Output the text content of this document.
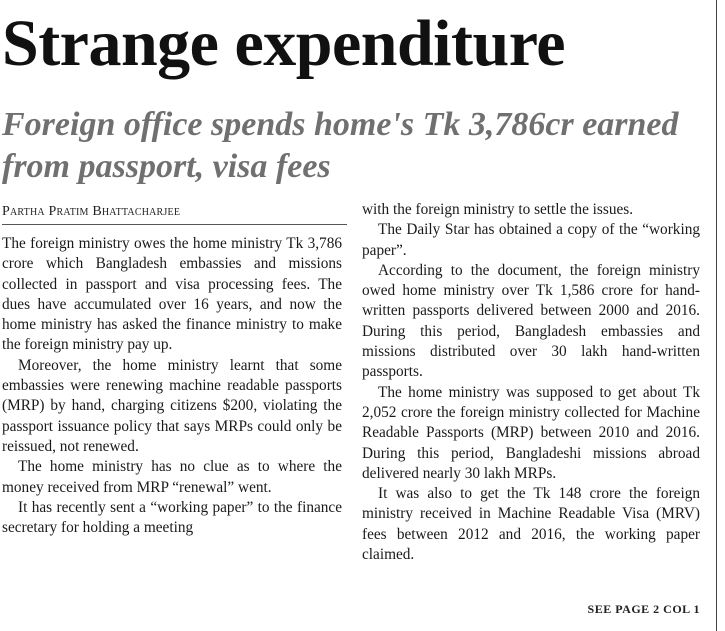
Strange expenditure
Foreign office spends home's Tk 3,786cr earned from passport, visa fees
Partha Pratim Bhattacharjee

The foreign ministry owes the home ministry Tk 3,786 crore which Bangladesh embassies and missions collected in passport and visa processing fees. The dues have accumulated over 16 years, and now the home ministry has asked the finance ministry to make the foreign ministry pay up.

Moreover, the home ministry learnt that some embassies were renewing machine readable passports (MRP) by hand, charging citizens $200, violating the passport issuance policy that says MRPs could only be reissued, not renewed.

The home ministry has no clue as to where the money received from MRP “renewal” went.

It has recently sent a “working paper” to the finance secretary for holding a meeting

with the foreign ministry to settle the issues.

The Daily Star has obtained a copy of the “working paper”.

According to the document, the foreign ministry owed home ministry over Tk 1,586 crore for hand-written passports delivered between 2000 and 2016. During this period, Bangladesh embassies and missions distributed over 30 lakh hand-written passports.

The home ministry was supposed to get about Tk 2,052 crore the foreign ministry collected for Machine Readable Passports (MRP) between 2010 and 2016. During this period, Bangladeshi missions abroad delivered nearly 30 lakh MRPs.

It was also to get the Tk 148 crore the foreign ministry received in Machine Readable Visa (MRV) fees between 2012 and 2016, the working paper claimed.

SEE PAGE 2 COL 1
